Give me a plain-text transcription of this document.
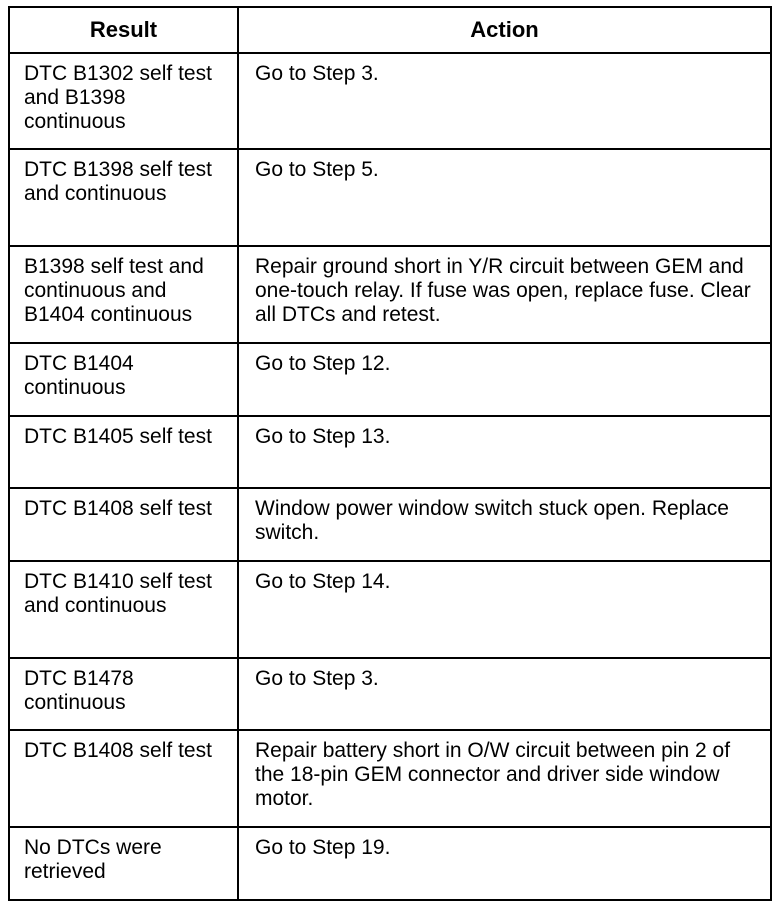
Result	Action
DTC B1302 self test and B1398 continuous	Go to Step 3.
DTC B1398 self test and continuous	Go to Step 5.
B1398 self test and continuous and B1404 continuous	Repair ground short in Y/R circuit between GEM and one-touch relay. If fuse was open, replace fuse. Clear all DTCs and retest.
DTC B1404 continuous	Go to Step 12.
DTC B1405 self test	Go to Step 13.
DTC B1408 self test	Window power window switch stuck open. Replace switch.
DTC B1410 self test and continuous	Go to Step 14.
DTC B1478 continuous	Go to Step 3.
DTC B1408 self test	Repair battery short in O/W circuit between pin 2 of the 18-pin GEM connector and driver side window motor.
No DTCs were retrieved	Go to Step 19.
